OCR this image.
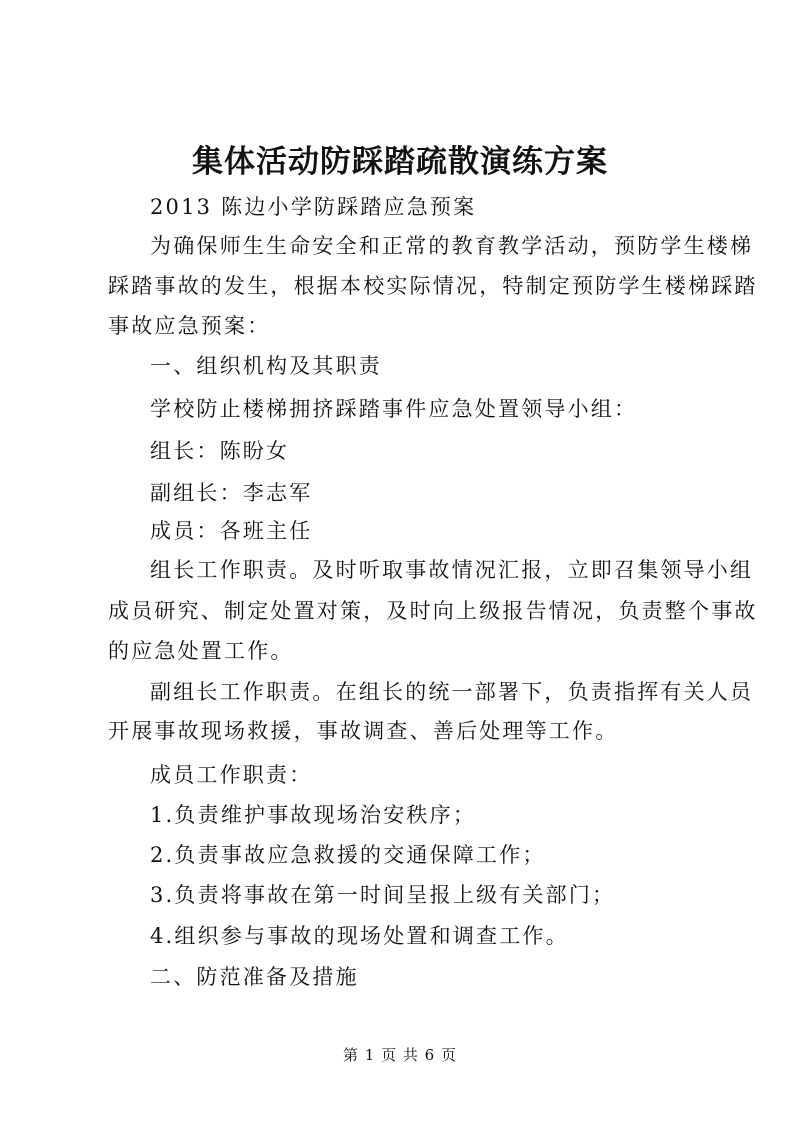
集体活动防踩踏疏散演练方案
2013 陈边小学防踩踏应急预案
为确保师生生命安全和正常的教育教学活动，预防学生楼梯
踩踏事故的发生，根据本校实际情况，特制定预防学生楼梯踩踏
事故应急预案：
一、组织机构及其职责
学校防止楼梯拥挤踩踏事件应急处置领导小组：
组长：陈盼女
副组长：李志军
成员：各班主任
组长工作职责。及时听取事故情况汇报，立即召集领导小组
成员研究、制定处置对策，及时向上级报告情况，负责整个事故
的应急处置工作。
副组长工作职责。在组长的统一部署下，负责指挥有关人员
开展事故现场救援，事故调查、善后处理等工作。
成员工作职责：
1.负责维护事故现场治安秩序；
2.负责事故应急救援的交通保障工作；
3.负责将事故在第一时间呈报上级有关部门；
4.组织参与事故的现场处置和调查工作。
二、防范准备及措施
第 1 页 共 6 页
